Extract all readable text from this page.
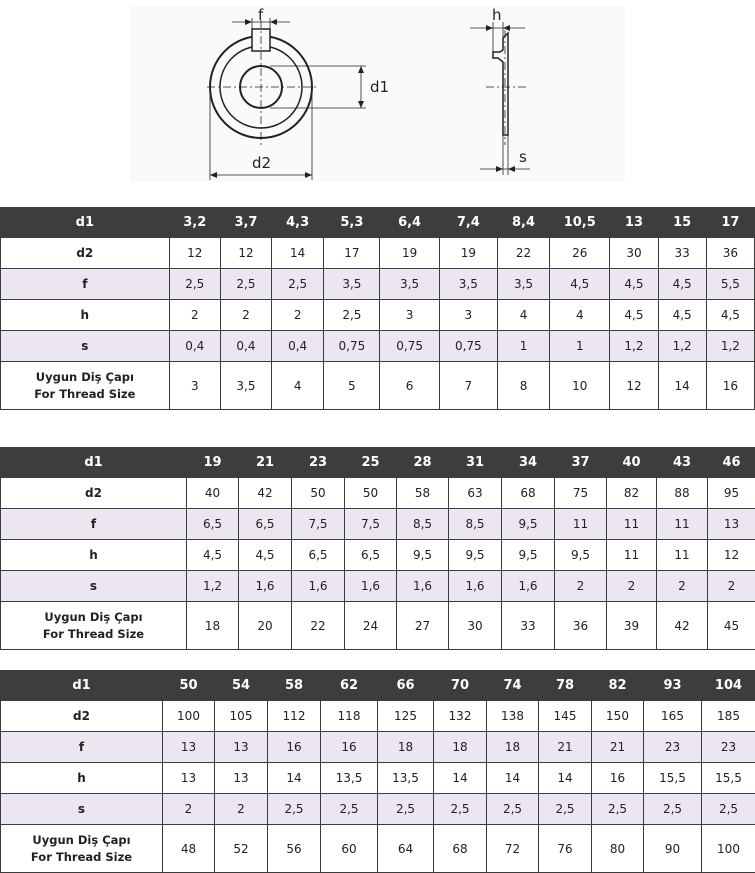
f
d1
d2
h
s
d1	3,2	3,7	4,3	5,3	6,4	7,4	8,4	10,5	13	15	17
d2	12	12	14	17	19	19	22	26	30	33	36
f	2,5	2,5	2,5	3,5	3,5	3,5	3,5	4,5	4,5	4,5	5,5
h	2	2	2	2,5	3	3	4	4	4,5	4,5	4,5
s	0,4	0,4	0,4	0,75	0,75	0,75	1	1	1,2	1,2	1,2

Uygun Diş Çapı
For Thread Size	3	3,5	4	5	6	7	8	10	12	14	16
d1	19	21	23	25	28	31	34	37	40	43	46
d2	40	42	50	50	58	63	68	75	82	88	95
f	6,5	6,5	7,5	7,5	8,5	8,5	9,5	11	11	11	13
h	4,5	4,5	6,5	6,5	9,5	9,5	9,5	9,5	11	11	12
s	1,2	1,6	1,6	1,6	1,6	1,6	1,6	2	2	2	2

Uygun Diş Çapı
For Thread Size	18	20	22	24	27	30	33	36	39	42	45
d1	50	54	58	62	66	70	74	78	82	93	104
d2	100	105	112	118	125	132	138	145	150	165	185
f	13	13	16	16	18	18	18	21	21	23	23
h	13	13	14	13,5	13,5	14	14	14	16	15,5	15,5
s	2	2	2,5	2,5	2,5	2,5	2,5	2,5	2,5	2,5	2,5

Uygun Diş Çapı
For Thread Size	48	52	56	60	64	68	72	76	80	90	100
